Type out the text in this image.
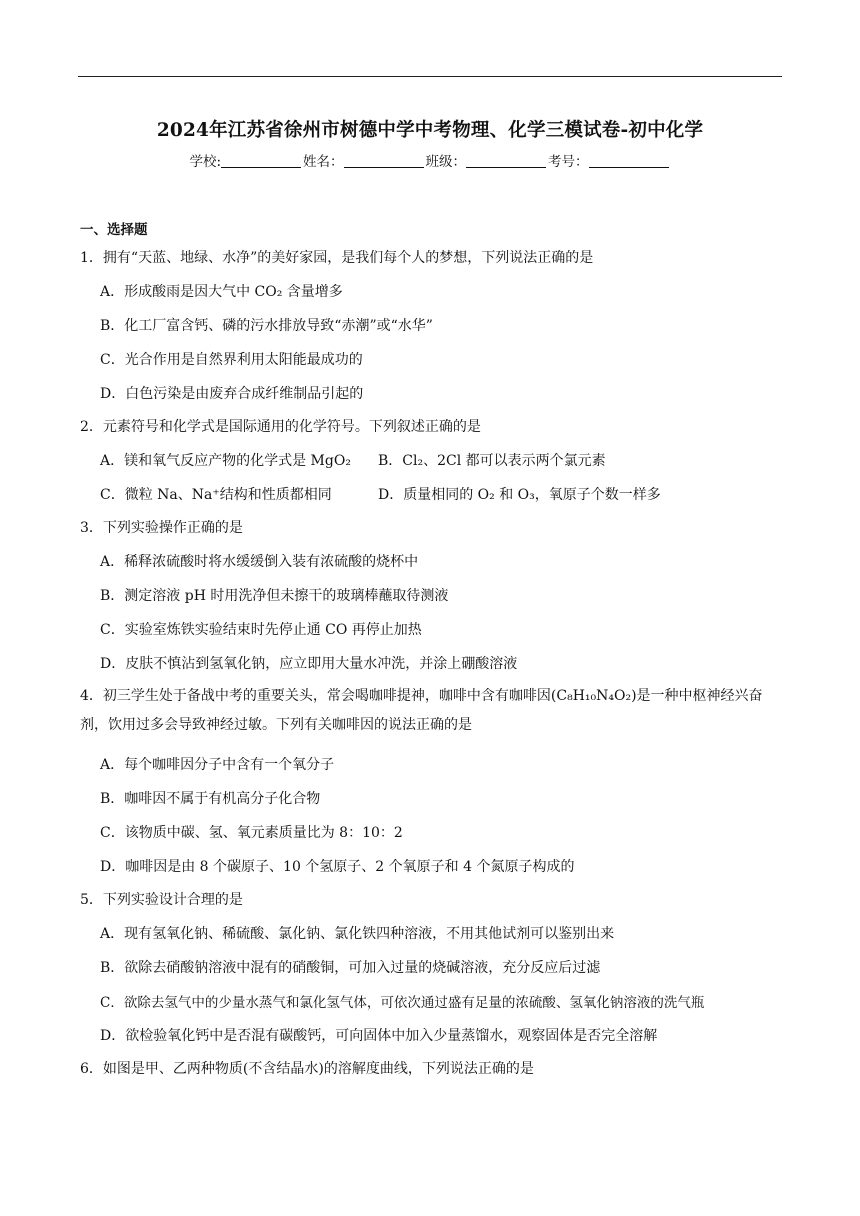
2024年江苏省徐州市树德中学中考物理、化学三模试卷-初中化学
学校:	姓名：	班级：	考号：
一、选择题
1．拥有“天蓝、地绿、水净”的美好家园，是我们每个人的梦想，下列说法正确的是
A．形成酸雨是因大气中 CO₂ 含量增多
B．化工厂富含钙、磷的污水排放导致“赤潮”或“水华”
C．光合作用是自然界利用太阳能最成功的
D．白色污染是由废弃合成纤维制品引起的
2．元素符号和化学式是国际通用的化学符号。下列叙述正确的是
A．镁和氧气反应产物的化学式是 MgO₂ B．Cl₂、2Cl 都可以表示两个氯元素
C．微粒 Na、Na⁺结构和性质都相同	D．质量相同的 O₂ 和 O₃，氧原子个数一样多
3．下列实验操作正确的是
A．稀释浓硫酸时将水缓缓倒入装有浓硫酸的烧杯中
B．测定溶液 pH 时用洗净但未擦干的玻璃棒蘸取待测液
C．实验室炼铁实验结束时先停止通 CO 再停止加热
D．皮肤不慎沾到氢氧化钠，应立即用大量水冲洗，并涂上硼酸溶液
4．初三学生处于备战中考的重要关头，常会喝咖啡提神，咖啡中含有咖啡因(C₈H₁₀N₄O₂)是一种中枢神经兴奋剂，饮用过多会导致神经过敏。下列有关咖啡因的说法正确的是
A．每个咖啡因分子中含有一个氧分子
B．咖啡因不属于有机高分子化合物
C．该物质中碳、氢、氧元素质量比为 8：10：2
D．咖啡因是由 8 个碳原子、10 个氢原子、2 个氧原子和 4 个氮原子构成的
5．下列实验设计合理的是
A．现有氢氧化钠、稀硫酸、氯化钠、氯化铁四种溶液，不用其他试剂可以鉴别出来
B．欲除去硝酸钠溶液中混有的硝酸铜，可加入过量的烧碱溶液，充分反应后过滤
C．欲除去氢气中的少量水蒸气和氯化氢气体，可依次通过盛有足量的浓硫酸、氢氧化钠溶液的洗气瓶
D．欲检验氧化钙中是否混有碳酸钙，可向固体中加入少量蒸馏水，观察固体是否完全溶解
6．如图是甲、乙两种物质(不含结晶水)的溶解度曲线，下列说法正确的是
